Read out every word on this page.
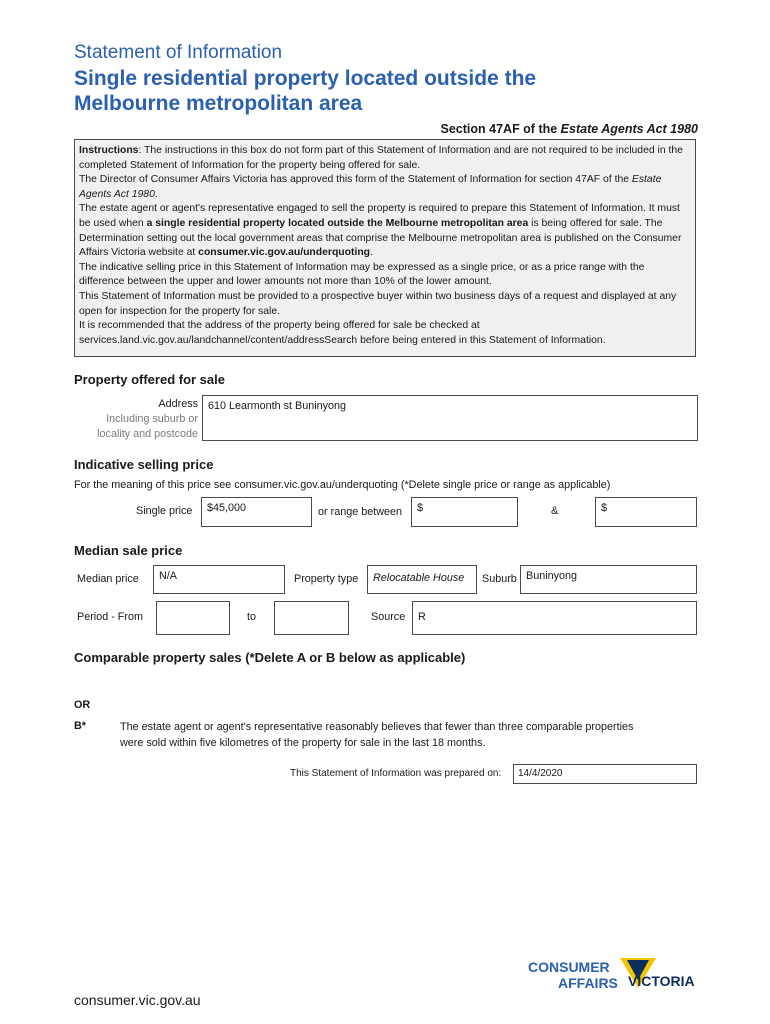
Statement of Information
Single residential property located outside the
Melbourne metropolitan area
Section 47AF of the Estate Agents Act 1980

Instructions: The instructions in this box do not form part of this Statement of Information and are not required to be included in the completed Statement of Information for the property being offered for sale.

The Director of Consumer Affairs Victoria has approved this form of the Statement of Information for section 47AF of the Estate Agents Act 1980.

The estate agent or agent's representative engaged to sell the property is required to prepare this Statement of Information. It must be used when a single residential property located outside the Melbourne metropolitan area is being offered for sale. The Determination setting out the local government areas that comprise the Melbourne metropolitan area is published on the Consumer Affairs Victoria website at consumer.vic.gov.au/underquoting.

The indicative selling price in this Statement of Information may be expressed as a single price, or as a price range with the difference between the upper and lower amounts not more than 10% of the lower amount.

This Statement of Information must be provided to a prospective buyer within two business days of a request and displayed at any open for inspection for the property for sale.

It is recommended that the address of the property being offered for sale be checked at services.land.vic.gov.au/landchannel/content/addressSearch before being entered in this Statement of Information.

Property offered for sale
Address
Including suburb or
locality and postcode
610 Learmonth st Buninyong
Indicative selling price
For the meaning of this price see consumer.vic.gov.au/underquoting (*Delete single price or range as applicable)
Single price	$45,000	or range between	$	&	$
Median sale price
Median price	N/A	Property type	Relocatable House	Suburb Buninyong
Period - From	to	Source	R
Comparable property sales (*Delete A or B below as applicable)
OR
B*	The estate agent or agent's representative reasonably believes that fewer than three comparable properties
were sold within five kilometres of the property for sale in the last 18 months.
This Statement of Information was prepared on:	14/4/2020
consumer.vic.gov.au
CONSUMER
AFFAIRS VICTORIA
